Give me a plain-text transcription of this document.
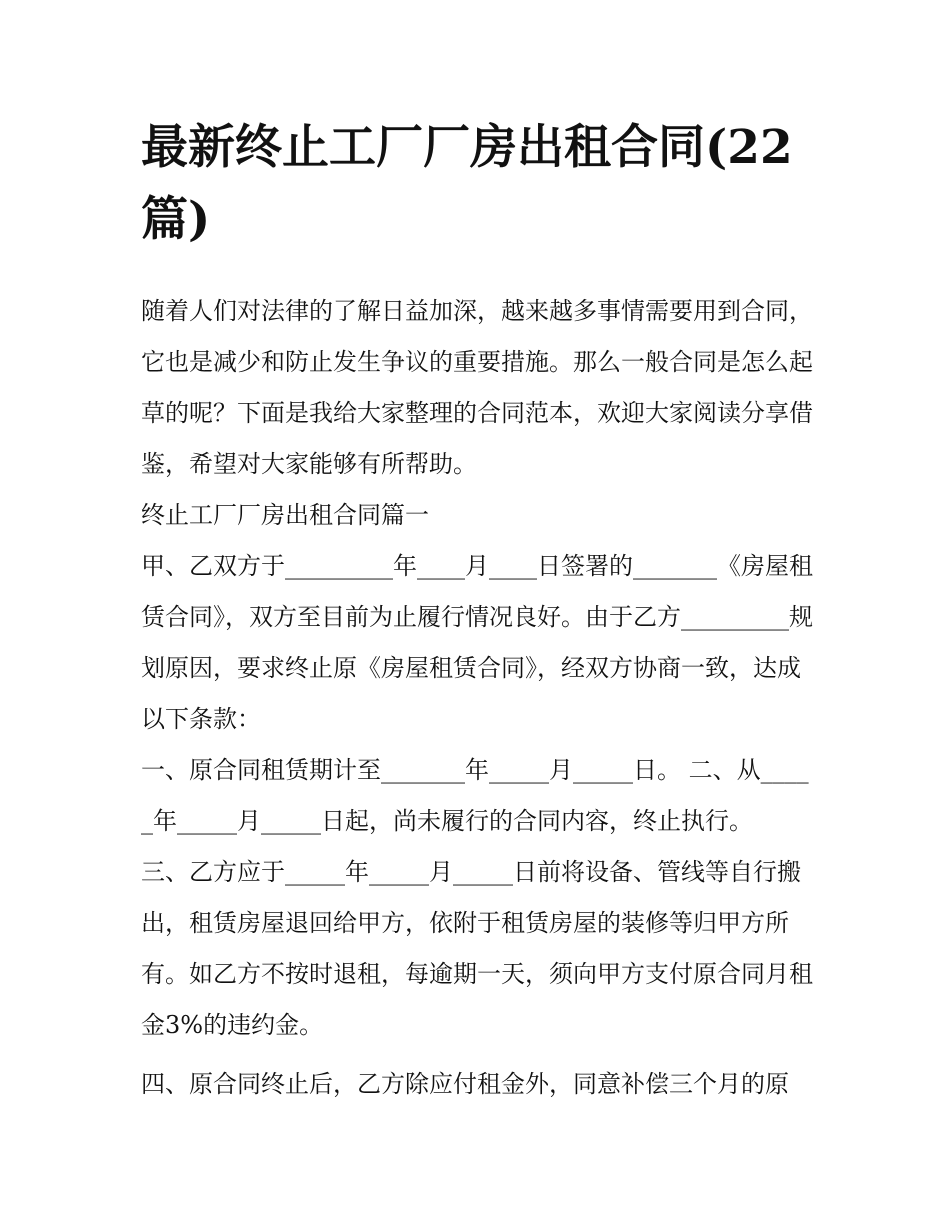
最新终止工厂厂房出租合同(22篇)

随着人们对法律的了解日益加深，越来越多事情需要用到合同，它也是减少和防止发生争议的重要措施。那么一般合同是怎么起草的呢？下面是我给大家整理的合同范本，欢迎大家阅读分享借鉴，希望对大家能够有所帮助。

终止工厂厂房出租合同篇一

甲、乙双方于_________年____月____日签署的_______《房屋租赁合同》，双方至目前为止履行情况良好。由于乙方_________规划原因，要求终止原《房屋租赁合同》，经双方协商一致，达成以下条款：

一、原合同租赁期计至_______年_____月_____日。 二、从_____年_____月_____日起，尚未履行的合同内容，终止执行。

三、乙方应于_____年_____月_____日前将设备、管线等自行搬出，租赁房屋退回给甲方，依附于租赁房屋的装修等归甲方所有。如乙方不按时退租，每逾期一天，须向甲方支付原合同月租金3%的违约金。

四、原合同终止后，乙方除应付租金外，同意补偿三个月的原
